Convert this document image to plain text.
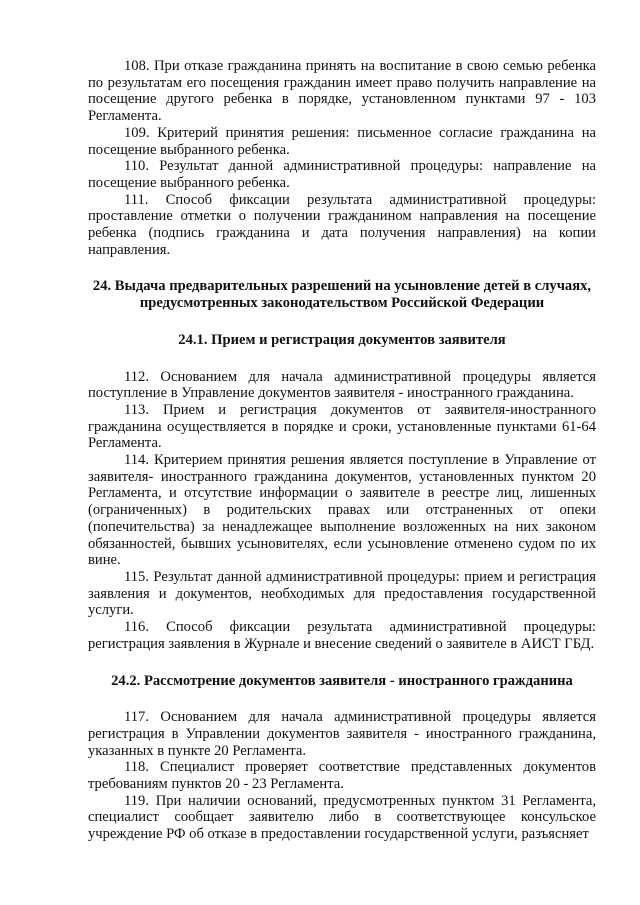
108. При отказе гражданина принять на воспитание в свою семью ребенка по результатам его посещения гражданин имеет право получить направление на посещение другого ребенка в порядке, установленном пунктами 97 - 103 Регламента.

109. Критерий принятия решения: письменное согласие гражданина на посещение выбранного ребенка.

110. Результат данной административной процедуры: направление на посещение выбранного ребенка.

111. Способ фиксации результата административной процедуры: проставление отметки о получении гражданином направления на посещение ребенка (подпись гражданина и дата получения направления) на копии направления.

24. Выдача предварительных разрешений на усыновление детей в случаях, предусмотренных законодательством Российской Федерации

24.1. Прием и регистрация документов заявителя

112. Основанием для начала административной процедуры является поступление в Управление документов заявителя - иностранного гражданина.

113. Прием и регистрация документов от заявителя-иностранного гражданина осуществляется в порядке и сроки, установленные пунктами 61-64 Регламента.

114. Критерием принятия решения является поступление в Управление от заявителя- иностранного гражданина документов, установленных пунктом 20 Регламента, и отсутствие информации о заявителе в реестре лиц, лишенных (ограниченных) в родительских правах или отстраненных от опеки (попечительства) за ненадлежащее выполнение возложенных на них законом обязанностей, бывших усыновителях, если усыновление отменено судом по их вине.

115. Результат данной административной процедуры: прием и регистрация заявления и документов, необходимых для предоставления государственной услуги.

116. Способ фиксации результата административной процедуры: регистрация заявления в Журнале и внесение сведений о заявителе в АИСТ ГБД.

24.2. Рассмотрение документов заявителя - иностранного гражданина

117. Основанием для начала административной процедуры является регистрация в Управлении документов заявителя - иностранного гражданина, указанных в пункте 20 Регламента.

118. Специалист проверяет соответствие представленных документов требованиям пунктов 20 - 23 Регламента.

119. При наличии оснований, предусмотренных пунктом 31 Регламента, специалист сообщает заявителю либо в соответствующее консульское учреждение РФ об отказе в предоставлении государственной услуги, разъясняет
